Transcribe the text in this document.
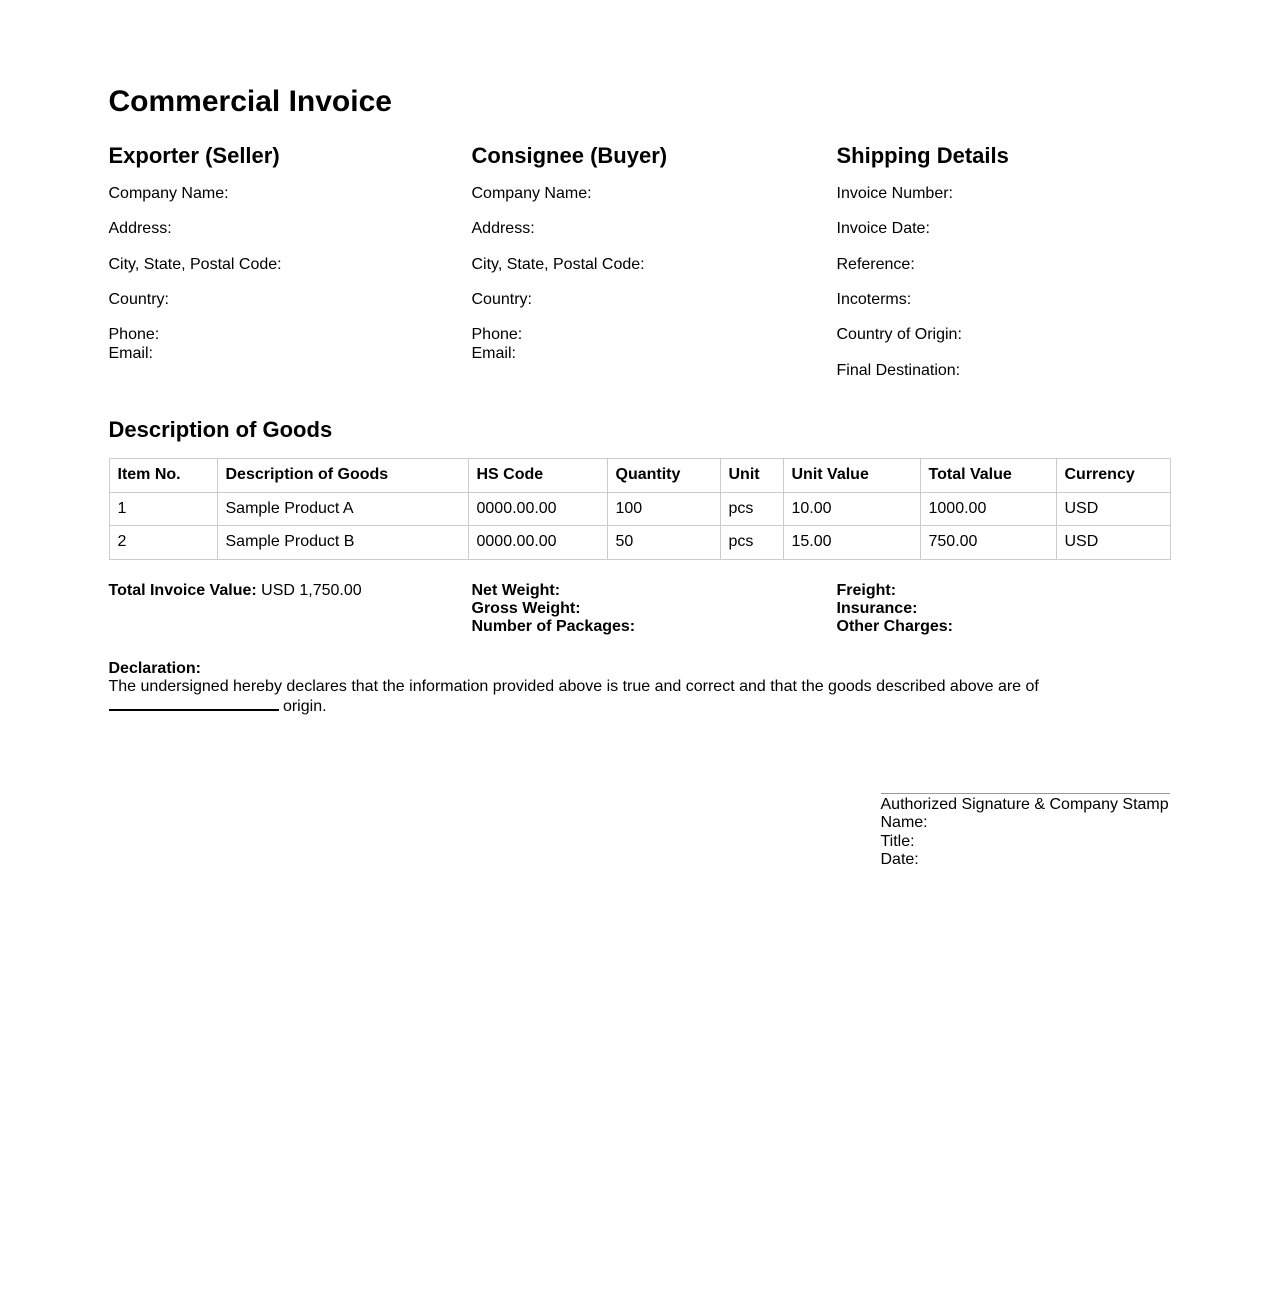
Commercial Invoice
Exporter (Seller)

Company Name:

Address:

City, State, Postal Code:

Country:

Phone:
Email:

Consignee (Buyer)

Company Name:

Address:

City, State, Postal Code:

Country:

Phone:
Email:

Shipping Details

Invoice Number:

Invoice Date:

Reference:

Incoterms:

Country of Origin:

Final Destination:

Description of Goods
Item No.	Description of Goods	HS Code	Quantity	Unit	Unit Value	Total Value	Currency
1	Sample Product A	0000.00.00	100	pcs	10.00	1000.00	USD
2	Sample Product B	0000.00.00	50	pcs	15.00	750.00	USD

Total Invoice Value: USD 1,750.00	Net Weight:
Gross Weight:
Number of Packages:
Freight:
Insurance:
Other Charges:

Declaration:
The undersigned hereby declares that the information provided above is true and correct and that the goods described above are of  origin.

Authorized Signature & Company Stamp
Name:
Title:
Date:
